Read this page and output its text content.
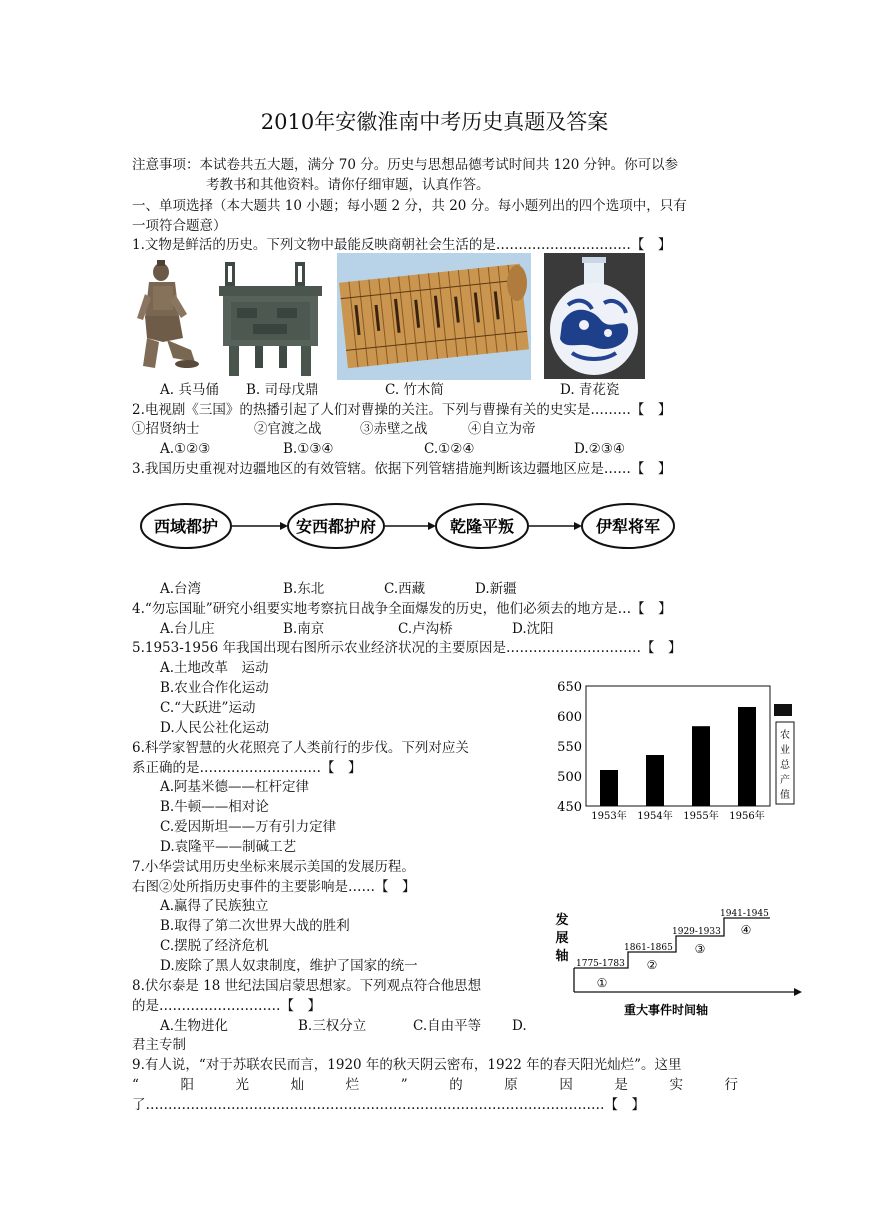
2010年安徽淮南中考历史真题及答案
注意事项：本试卷共五大题，满分 70 分。历史与思想品德考试时间共 120 分钟。你可以参
考教书和其他资料。请你仔细审题，认真作答。
一、单项选择（本大题共 10 小题；每小题 2 分，共 20 分。每小题列出的四个选项中，只有
一项符合题意）
1.文物是鲜活的历史。下列文物中最能反映商朝社会生活的是…………………………【　】
A. 兵马俑 B. 司母戊鼎	C. 竹木简	D. 青花瓷
2.电视剧《三国》的热播引起了人们对曹操的关注。下列与曹操有关的史实是………【　】
①招贤纳士	②官渡之战	③赤壁之战	④自立为帝
A.①②③	B.①③④	C.①②④	D.②③④
3.我国历史重视对边疆地区的有效管辖。依据下列管辖措施判断该边疆地区应是……【　】
西域都护	安西都护府	乾隆平叛	伊犁将军
A.台湾	B.东北	C.西藏	D.新疆
4.“勿忘国耻”研究小组要实地考察抗日战争全面爆发的历史，他们必须去的地方是…【　】
A.台儿庄	B.南京	C.卢沟桥	D.沈阳
5.1953-1956 年我国出现右图所示农业经济状况的主要原因是…………………………【　】
A.土地改革　运动
B.农业合作化运动
C.“大跃进”运动
D.人民公社化运动
650
600
550
500
450
1953年 1954年 1955年 1956年
农
业
总
产
值
6.科学家智慧的火花照亮了人类前行的步伐。下列对应关
系正确的是………………………【　】
A.阿基米德——杠杆定律
B.牛顿——相对论
C.爱因斯坦——万有引力定律
D.袁隆平——制碱工艺
7.小华尝试用历史坐标来展示美国的发展历程。
右图②处所指历史事件的主要影响是……【　】
A.赢得了民族独立
B.取得了第二次世界大战的胜利
C.摆脱了经济危机
D.废除了黑人奴隶制度，维护了国家的统一
发
展
轴 1775-1783
1861-1865
1929-1933
1941-1945
①
②
③
④
重大事件时间轴
8.伏尔泰是 18 世纪法国启蒙思想家。下列观点符合他思想
的是………………………【　】
A.生物进化	B.三权分立	C.自由平等 D.
君主专制
9.有人说，“对于苏联农民而言，1920 年的秋天阴云密布，1922 年的春天阳光灿烂”。这里
“	阳	光	灿	烂	”	的	原	因	是	实	行
了…………………………………………………………………………………………【　】
